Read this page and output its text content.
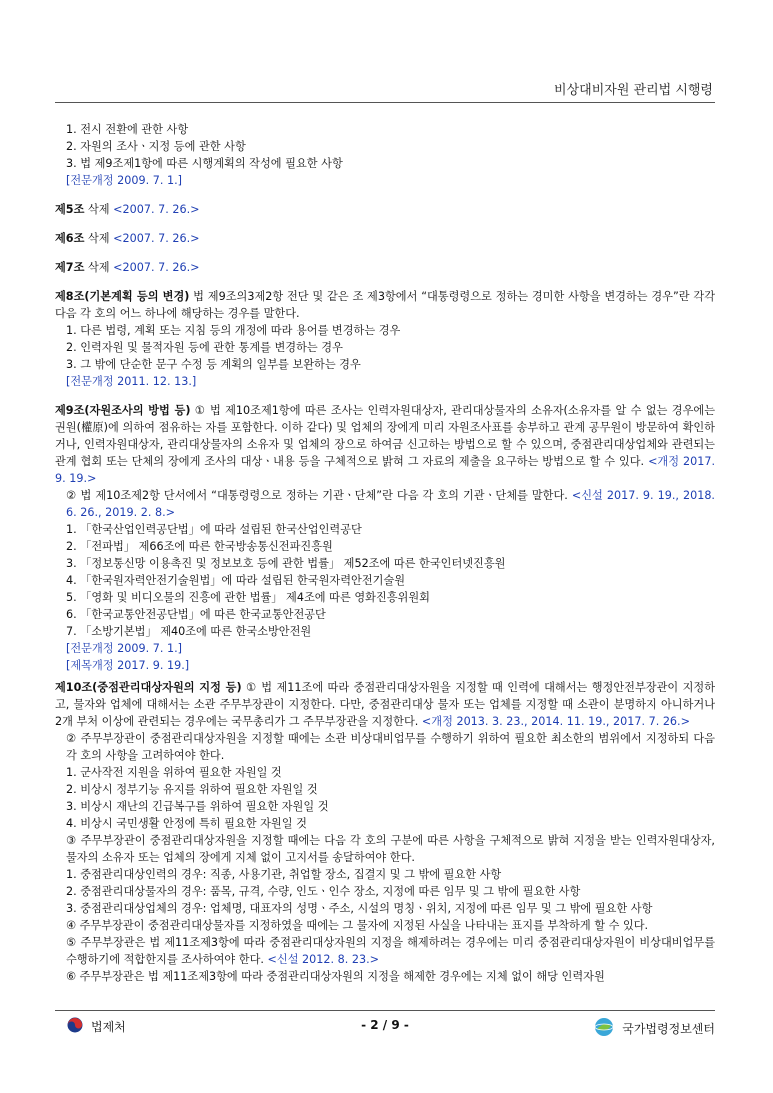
비상대비자원 관리법 시행령
1. 전시 전환에 관한 사항
2. 자원의 조사ㆍ지정 등에 관한 사항
3. 법 제9조제1항에 따른 시행계획의 작성에 필요한 사항
[전문개정 2009. 7. 1.]
제5조 삭제 <2007. 7. 26.>
제6조 삭제 <2007. 7. 26.>
제7조 삭제 <2007. 7. 26.>
제8조(기본계획 등의 변경) 법 제9조의3제2항 전단 및 같은 조 제3항에서 “대통령령으로 정하는 경미한 사항을 변경하는 경우”란 각각 다음 각 호의 어느 하나에 해당하는 경우를 말한다.
1. 다른 법령, 계획 또는 지침 등의 개정에 따라 용어를 변경하는 경우
2. 인력자원 및 물적자원 등에 관한 통계를 변경하는 경우
3. 그 밖에 단순한 문구 수정 등 계획의 일부를 보완하는 경우
[전문개정 2011. 12. 13.]
제9조(자원조사의 방법 등) ① 법 제10조제1항에 따른 조사는 인력자원대상자, 관리대상물자의 소유자(소유자를 알 수 없는 경우에는 권원(權原)에 의하여 점유하는 자를 포함한다. 이하 같다) 및 업체의 장에게 미리 자원조사표를 송부하고 관계 공무원이 방문하여 확인하거나, 인력자원대상자, 관리대상물자의 소유자 및 업체의 장으로 하여금 신고하는 방법으로 할 수 있으며, 중점관리대상업체와 관련되는 관계 협회 또는 단체의 장에게 조사의 대상ㆍ내용 등을 구체적으로 밝혀 그 자료의 제출을 요구하는 방법으로 할 수 있다. <개정 2017. 9. 19.>
② 법 제10조제2항 단서에서 “대통령령으로 정하는 기관ㆍ단체”란 다음 각 호의 기관ㆍ단체를 말한다. <신설 2017. 9. 19., 2018. 6. 26., 2019. 2. 8.>
1. 「한국산업인력공단법」에 따라 설립된 한국산업인력공단
2. 「전파법」 제66조에 따른 한국방송통신전파진흥원
3. 「정보통신망 이용촉진 및 정보보호 등에 관한 법률」 제52조에 따른 한국인터넷진흥원
4. 「한국원자력안전기술원법」에 따라 설립된 한국원자력안전기술원
5. 「영화 및 비디오물의 진흥에 관한 법률」 제4조에 따른 영화진흥위원회
6. 「한국교통안전공단법」에 따른 한국교통안전공단
7. 「소방기본법」 제40조에 따른 한국소방안전원
[전문개정 2009. 7. 1.]
[제목개정 2017. 9. 19.]
제10조(중점관리대상자원의 지정 등) ① 법 제11조에 따라 중점관리대상자원을 지정할 때 인력에 대해서는 행정안전부장관이 지정하고, 물자와 업체에 대해서는 소관 주무부장관이 지정한다. 다만, 중점관리대상 물자 또는 업체를 지정할 때 소관이 분명하지 아니하거나 2개 부처 이상에 관련되는 경우에는 국무총리가 그 주무부장관을 지정한다. <개정 2013. 3. 23., 2014. 11. 19., 2017. 7. 26.>
② 주무부장관이 중점관리대상자원을 지정할 때에는 소관 비상대비업무를 수행하기 위하여 필요한 최소한의 범위에서 지정하되 다음 각 호의 사항을 고려하여야 한다.
1. 군사작전 지원을 위하여 필요한 자원일 것
2. 비상시 정부기능 유지를 위하여 필요한 자원일 것
3. 비상시 재난의 긴급복구를 위하여 필요한 자원일 것
4. 비상시 국민생활 안정에 특히 필요한 자원일 것
③ 주무부장관이 중점관리대상자원을 지정할 때에는 다음 각 호의 구분에 따른 사항을 구체적으로 밝혀 지정을 받는 인력자원대상자, 물자의 소유자 또는 업체의 장에게 지체 없이 고지서를 송달하여야 한다.
1. 중점관리대상인력의 경우: 직종, 사용기관, 취업할 장소, 집결지 및 그 밖에 필요한 사항
2. 중점관리대상물자의 경우: 품목, 규격, 수량, 인도ㆍ인수 장소, 지정에 따른 임무 및 그 밖에 필요한 사항
3. 중점관리대상업체의 경우: 업체명, 대표자의 성명ㆍ주소, 시설의 명칭ㆍ위치, 지정에 따른 임무 및 그 밖에 필요한 사항
④ 주무부장관이 중점관리대상물자를 지정하였을 때에는 그 물자에 지정된 사실을 나타내는 표지를 부착하게 할 수 있다.
⑤ 주무부장관은 법 제11조제3항에 따라 중점관리대상자원의 지정을 해제하려는 경우에는 미리 중점관리대상자원이 비상대비업무를 수행하기에 적합한지를 조사하여야 한다. <신설 2012. 8. 23.>
⑥ 주무부장관은 법 제11조제3항에 따라 중점관리대상자원의 지정을 해제한 경우에는 지체 없이 해당 인력자원
법제처	- 2 / 9 -	국가법령정보센터
